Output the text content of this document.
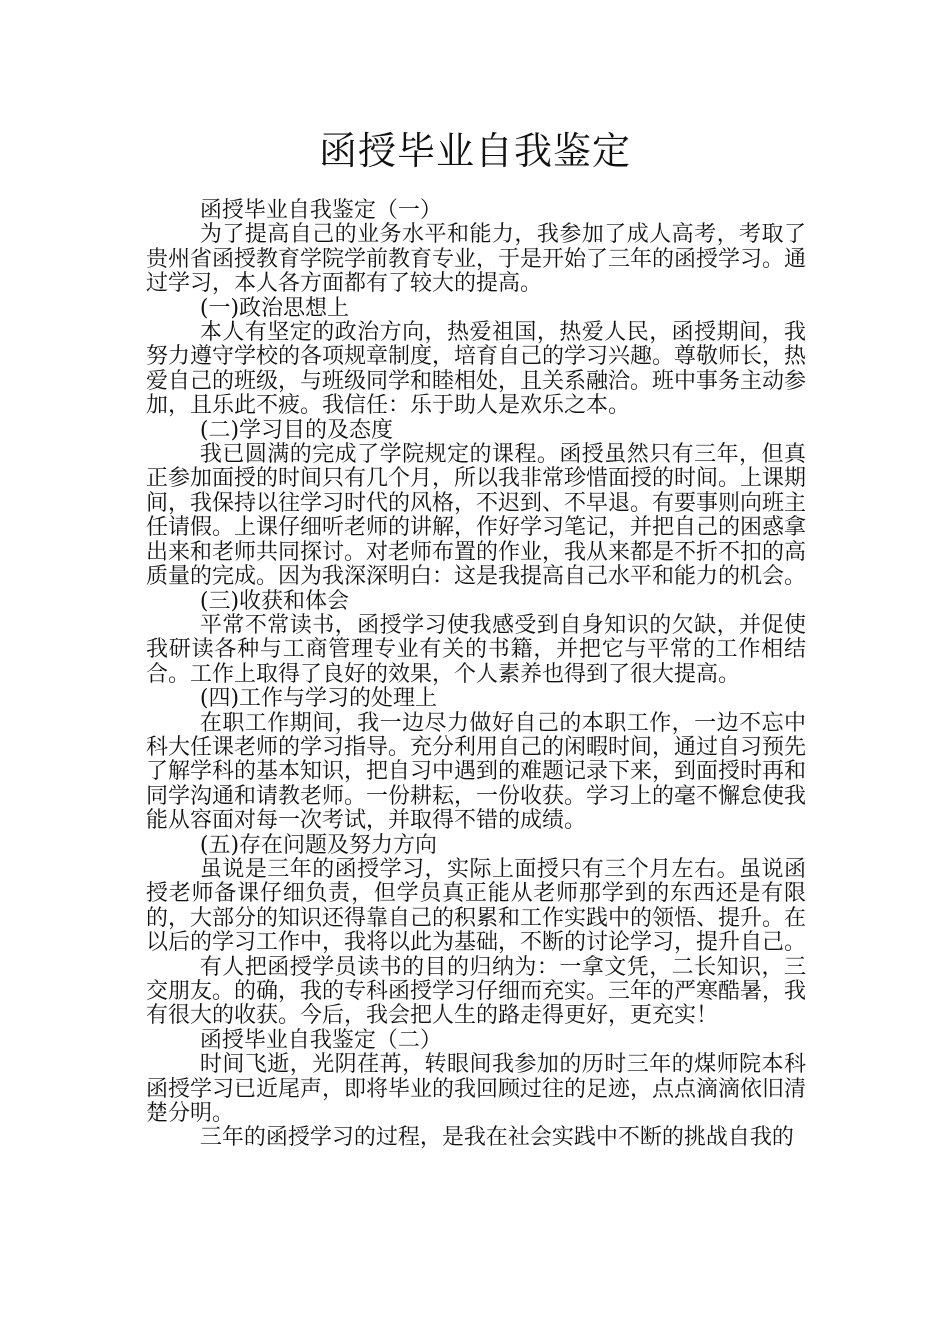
函授毕业自我鉴定

函授毕业自我鉴定（一）

为了提高自己的业务水平和能力，我参加了成人高考，考取了贵州省函授教育学院学前教育专业，于是开始了三年的函授学习。通过学习，本人各方面都有了较大的提高。

(一)政治思想上

本人有坚定的政治方向，热爱祖国，热爱人民，函授期间，我努力遵守学校的各项规章制度，培育自己的学习兴趣。尊敬师长，热爱自己的班级，与班级同学和睦相处，且关系融洽。班中事务主动参加，且乐此不疲。我信任：乐于助人是欢乐之本。

(二)学习目的及态度

我已圆满的完成了学院规定的课程。函授虽然只有三年，但真正参加面授的时间只有几个月，所以我非常珍惜面授的时间。上课期间，我保持以往学习时代的风格，不迟到、不早退。有要事则向班主任请假。上课仔细听老师的讲解，作好学习笔记，并把自己的困惑拿出来和老师共同探讨。对老师布置的作业，我从来都是不折不扣的高质量的完成。因为我深深明白：这是我提高自己水平和能力的机会。

(三)收获和体会

平常不常读书，函授学习使我感受到自身知识的欠缺，并促使我研读各种与工商管理专业有关的书籍，并把它与平常的工作相结合。工作上取得了良好的效果，个人素养也得到了很大提高。

(四)工作与学习的处理上

在职工作期间，我一边尽力做好自己的本职工作，一边不忘中科大任课老师的学习指导。充分利用自己的闲暇时间，通过自习预先了解学科的基本知识，把自习中遇到的难题记录下来，到面授时再和同学沟通和请教老师。一份耕耘，一份收获。学习上的毫不懈怠使我能从容面对每一次考试，并取得不错的成绩。

(五)存在问题及努力方向

虽说是三年的函授学习，实际上面授只有三个月左右。虽说函授老师备课仔细负责，但学员真正能从老师那学到的东西还是有限的，大部分的知识还得靠自己的积累和工作实践中的领悟、提升。在以后的学习工作中，我将以此为基础，不断的讨论学习，提升自己。

有人把函授学员读书的目的归纳为：一拿文凭，二长知识，三交朋友。的确，我的专科函授学习仔细而充实。三年的严寒酷暑，我有很大的收获。今后，我会把人生的路走得更好，更充实！

函授毕业自我鉴定（二）

时间飞逝，光阴荏苒，转眼间我参加的历时三年的煤师院本科函授学习已近尾声，即将毕业的我回顾过往的足迹，点点滴滴依旧清楚分明。

三年的函授学习的过程，是我在社会实践中不断的挑战自我的
